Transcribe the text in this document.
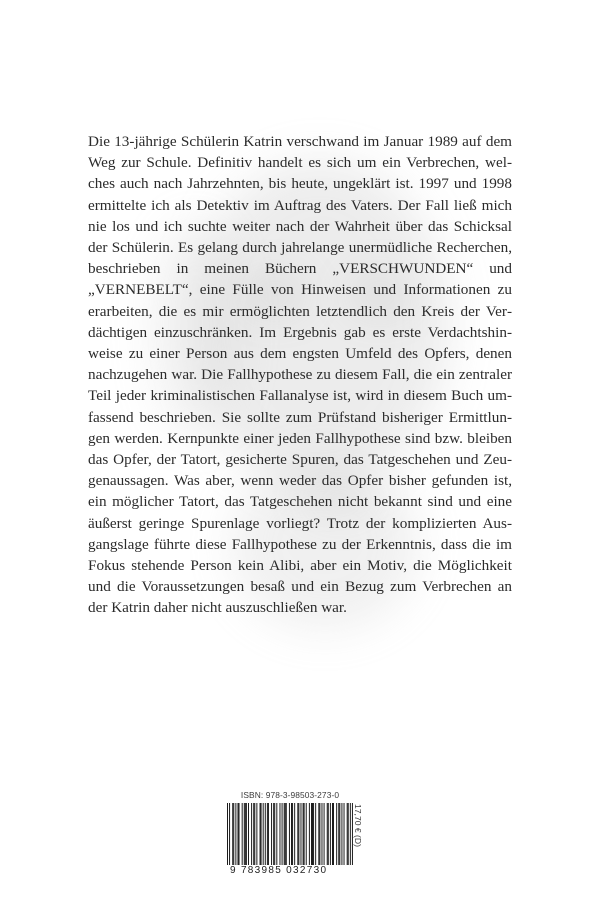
Die 13-jährige Schülerin Katrin verschwand im Januar 1989 auf dem Weg zur Schule. Definitiv handelt es sich um ein Verbrechen, welches auch nach Jahrzehnten, bis heute, ungeklärt ist. 1997 und 1998 ermittelte ich als Detektiv im Auftrag des Vaters. Der Fall ließ mich nie los und ich suchte weiter nach der Wahrheit über das Schicksal der Schülerin. Es gelang durch jahrelange unermüdliche Recherchen, beschrieben in meinen Büchern „VERSCHWUNDEN“ und „VERNEBELT“, eine Fülle von Hinweisen und Informationen zu erarbeiten, die es mir ermöglichten letztendlich den Kreis der Verdächtigen einzuschränken. Im Ergebnis gab es erste Verdachtshinweise zu einer Person aus dem engsten Umfeld des Opfers, denen nachzugehen war. Die Fallhypothese zu diesem Fall, die ein zentraler Teil jeder kriminalistischen Fallanalyse ist, wird in diesem Buch umfassend beschrieben. Sie sollte zum Prüfstand bisheriger Ermittlungen werden. Kernpunkte einer jeden Fallhypothese sind bzw. bleiben das Opfer, der Tatort, gesicherte Spuren, das Tatgeschehen und Zeugenaussagen. Was aber, wenn weder das Opfer bisher gefunden ist, ein möglicher Tatort, das Tatgeschehen nicht bekannt sind und eine äußerst geringe Spurenlage vorliegt? Trotz der komplizierten Ausgangslage führte diese Fallhypothese zu der Erkenntnis, dass die im Fokus stehende Person kein Alibi, aber ein Motiv, die Möglichkeit und die Voraussetzungen besaß und ein Bezug zum Verbrechen an der Katrin daher nicht auszuschließen war.

ISBN: 978-3-98503-273-0
9 783985 032730
17,70 € (D)
